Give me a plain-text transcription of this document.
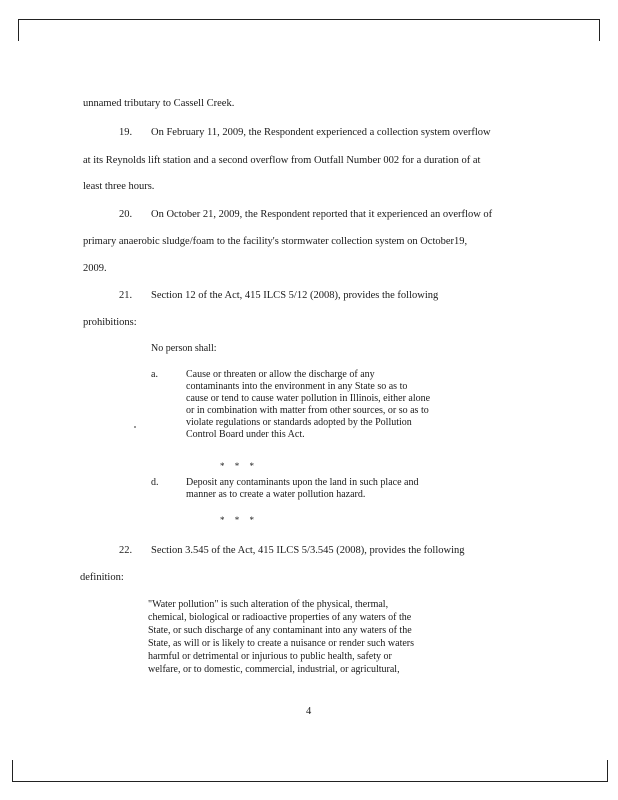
unnamed tributary to Cassell Creek.
19. On February 11, 2009, the Respondent experienced a collection system overflow
at its Reynolds lift station and a second overflow from Outfall Number 002 for a duration of at
least three hours.
20. On October 21, 2009, the Respondent reported that it experienced an overflow of
primary anaerobic sludge/foam to the facility's stormwater collection system on October19,
2009.
21. Section 12 of the Act, 415 ILCS 5/12 (2008), provides the following
prohibitions:
No person shall:
a.	Cause or threaten or allow the discharge of any
contaminants into the environment in any State so as to
cause or tend to cause water pollution in Illinois, either alone
or in combination with matter from other sources, or so as to
violate regulations or standards adopted by the Pollution
Control Board under this Act.
* * *
d.	Deposit any contaminants upon the land in such place and
manner as to create a water pollution hazard.
* * *
22. Section 3.545 of the Act, 415 ILCS 5/3.545 (2008), provides the following
definition:
"Water pollution" is such alteration of the physical, thermal,
chemical, biological or radioactive properties of any waters of the
State, or such discharge of any contaminant into any waters of the
State, as will or is likely to create a nuisance or render such waters
harmful or detrimental or injurious to public health, safety or
welfare, or to domestic, commercial, industrial, or agricultural,
4
